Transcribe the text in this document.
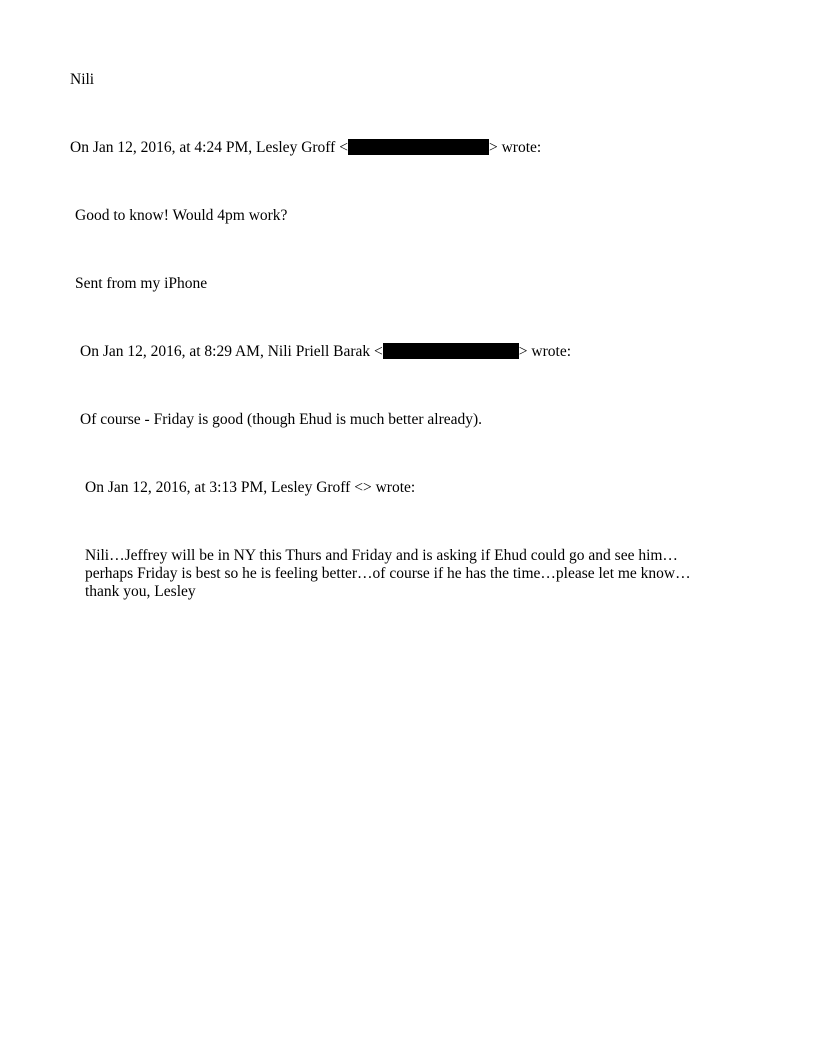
Nili
On Jan 12, 2016, at 4:24 PM, Lesley Groff <	> wrote:
Good to know! Would 4pm work?
Sent from my iPhone
On Jan 12, 2016, at 8:29 AM, Nili Priell Barak <	> wrote:
Of course - Friday is good (though Ehud is much better already).
On Jan 12, 2016, at 3:13 PM, Lesley Groff <> wrote:
Nili…Jeffrey will be in NY this Thurs and Friday and is asking if Ehud could go and see him…
perhaps Friday is best so he is feeling better…of course if he has the time…please let me know…
thank you, Lesley
